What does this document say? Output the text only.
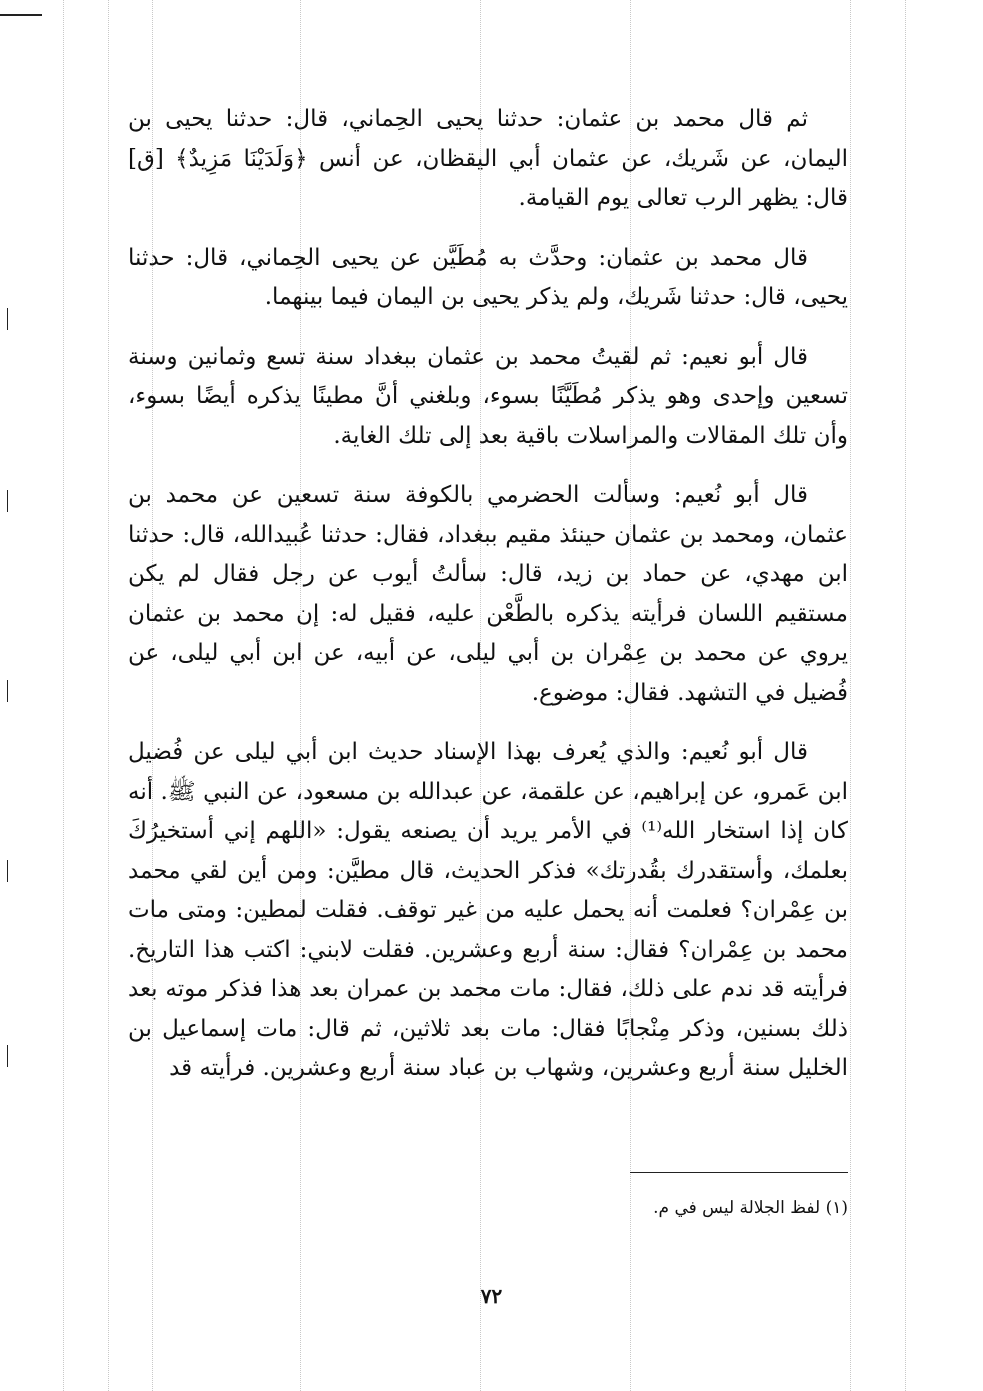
ثم قال محمد بن عثمان: حدثنا يحيى الحِماني، قال: حدثنا يحيى بن اليمان، عن شَريك، عن عثمان أبي اليقظان، عن أنس ﴿وَلَدَيْنَا مَزِيدٌ﴾ [ق] قال: يظهر الرب تعالى يوم القيامة.

قال محمد بن عثمان: وحدَّث به مُطَيَّن عن يحيى الحِماني، قال: حدثنا يحيى، قال: حدثنا شَريك، ولم يذكر يحيى بن اليمان فيما بينهما.

قال أبو نعيم: ثم لقيتُ محمد بن عثمان ببغداد سنة تسع وثمانين وسنة تسعين وإحدى وهو يذكر مُطَيَّنًا بسوء، وبلغني أنَّ مطينًا يذكره أيضًا بسوء، وأن تلك المقالات والمراسلات باقية بعد إلى تلك الغاية.

قال أبو نُعيم: وسألت الحضرمي بالكوفة سنة تسعين عن محمد بن عثمان، ومحمد بن عثمان حينئذ مقيم ببغداد، فقال: حدثنا عُبيدالله، قال: حدثنا ابن مهدي، عن حماد بن زيد، قال: سألتُ أيوب عن رجل فقال لم يكن مستقيم اللسان فرأيته يذكره بالطَّعْن عليه، فقيل له: إن محمد بن عثمان يروي عن محمد بن عِمْران بن أبي ليلى، عن أبيه، عن ابن أبي ليلى، عن فُضيل في التشهد. فقال: موضوع.

قال أبو نُعيم: والذي يُعرف بهذا الإسناد حديث ابن أبي ليلى عن فُضيل ابن عَمرو، عن إبراهيم، عن علقمة، عن عبدالله بن مسعود، عن النبي ﷺ. أنه كان إذا استخار الله⁽¹⁾ في الأمر يريد أن يصنعه يقول: «اللهم إني أستخيرُكَ بعلمك، وأستقدرك بقُدرتك» فذكر الحديث، قال مطيَّن: ومن أين لقي محمد بن عِمْران؟ فعلمت أنه يحمل عليه من غير توقف. فقلت لمطين: ومتى مات محمد بن عِمْران؟ فقال: سنة أربع وعشرين. فقلت لابني: اكتب هذا التاريخ. فرأيته قد ندم على ذلك، فقال: مات محمد بن عمران بعد هذا فذكر موته بعد ذلك بسنين، وذكر مِنْجابًا فقال: مات بعد ثلاثين، ثم قال: مات إسماعيل بن الخليل سنة أربع وعشرين، وشهاب بن عباد سنة أربع وعشرين. فرأيته قد

(١) لفظ الجلالة ليس في م.
٧٢
